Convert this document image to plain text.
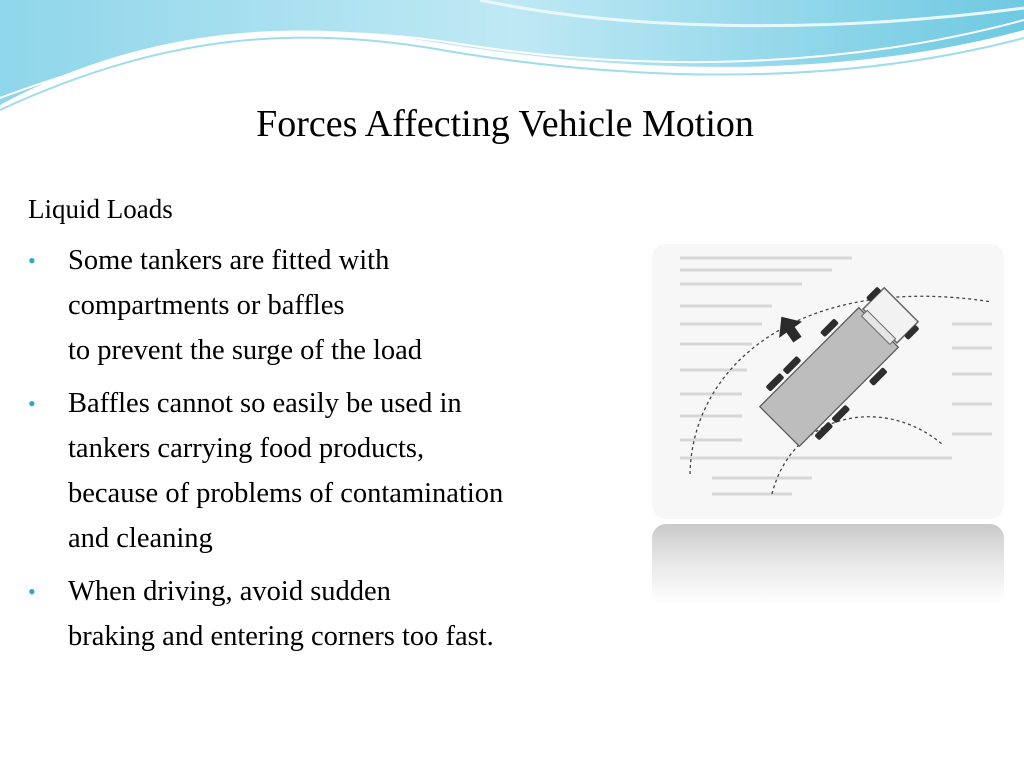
Forces Affecting Vehicle Motion
Liquid Loads
• Some tankers are fitted with
compartments or baffles
to prevent the surge of the load
• Baffles cannot so easily be used in
tankers carrying food products,
because of problems of contamination
and cleaning
• When driving, avoid sudden
braking and entering corners too fast.
